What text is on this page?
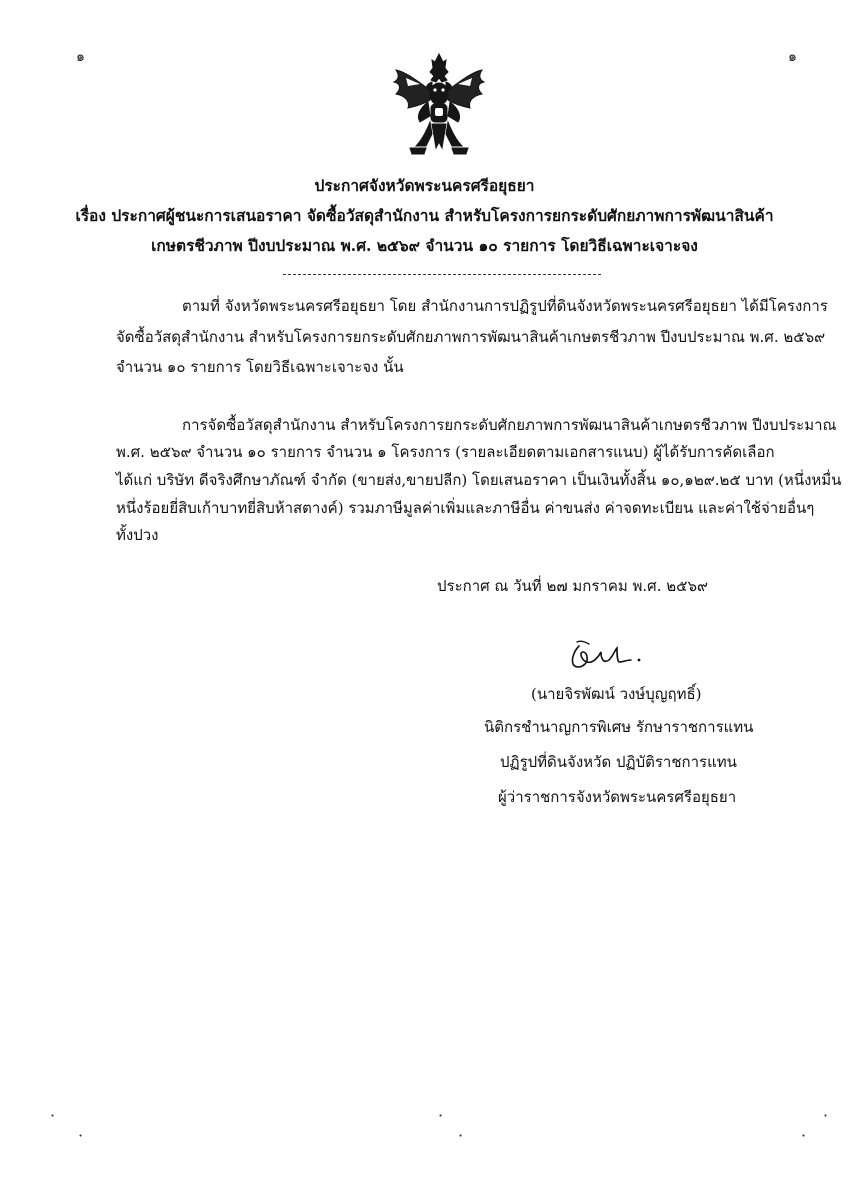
๑	๑
ประกาศจังหวัดพระนครศรีอยุธยา
เรื่อง ประกาศผู้ชนะการเสนอราคา จัดซื้อวัสดุสำนักงาน สำหรับโครงการยกระดับศักยภาพการพัฒนาสินค้า
เกษตรชีวภาพ ปีงบประมาณ พ.ศ. ๒๕๖๙ จำนวน ๑๐ รายการ โดยวิธีเฉพาะเจาะจง
ตามที่ จังหวัดพระนครศรีอยุธยา โดย สำนักงานการปฏิรูปที่ดินจังหวัดพระนครศรีอยุธยา ได้มีโครงการ
จัดซื้อวัสดุสำนักงาน สำหรับโครงการยกระดับศักยภาพการพัฒนาสินค้าเกษตรชีวภาพ ปีงบประมาณ พ.ศ. ๒๕๖๙
จำนวน ๑๐ รายการ โดยวิธีเฉพาะเจาะจง นั้น
การจัดซื้อวัสดุสำนักงาน สำหรับโครงการยกระดับศักยภาพการพัฒนาสินค้าเกษตรชีวภาพ ปีงบประมาณ
พ.ศ. ๒๕๖๙ จำนวน ๑๐ รายการ จำนวน ๑ โครงการ (รายละเอียดตามเอกสารแนบ) ผู้ได้รับการคัดเลือก
ได้แก่ บริษัท ดีจริงศึกษาภัณฑ์ จำกัด (ขายส่ง,ขายปลีก) โดยเสนอราคา เป็นเงินทั้งสิ้น ๑๐,๑๒๙.๒๕ บาท (หนึ่งหมื่น
หนึ่งร้อยยี่สิบเก้าบาทยี่สิบห้าสตางค์) รวมภาษีมูลค่าเพิ่มและภาษีอื่น ค่าขนส่ง ค่าจดทะเบียน และค่าใช้จ่ายอื่นๆ
ทั้งปวง
ประกาศ ณ วันที่ ๒๗ มกราคม พ.ศ. ๒๕๖๙
(นายจิรพัฒน์ วงษ์บุญฤทธิ์)
นิติกรชำนาญการพิเศษ รักษาราชการแทน
ปฏิรูปที่ดินจังหวัด ปฏิบัติราชการแทน
ผู้ว่าราชการจังหวัดพระนครศรีอยุธยา
·
·
·
·
·
·
